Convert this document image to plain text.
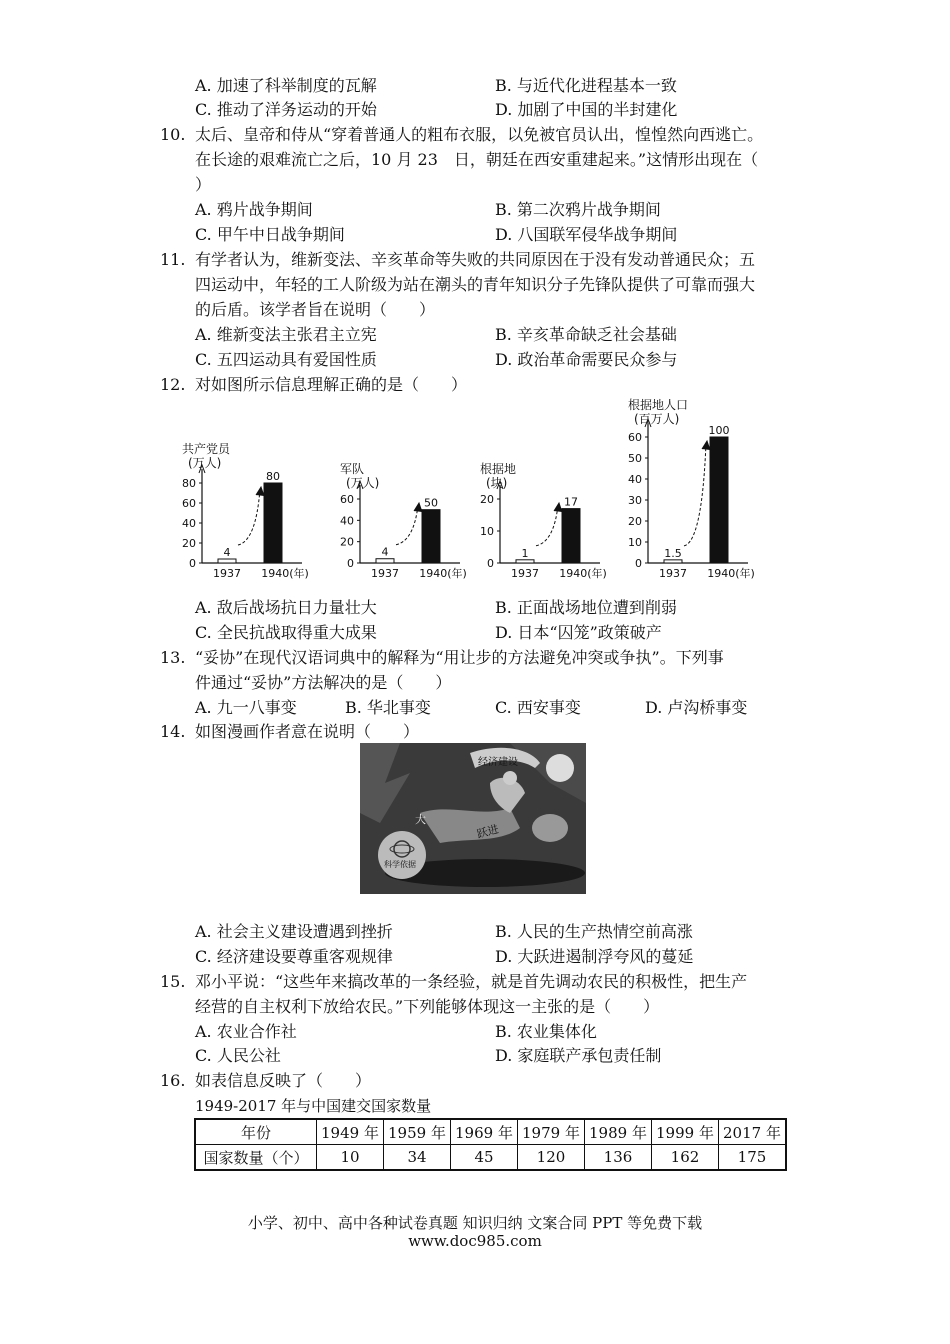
A. 加速了科举制度的瓦解	B. 与近代化进程基本一致
C. 推动了洋务运动的开始	D. 加剧了中国的半封建化
10. 太后、皇帝和侍从“穿着普通人的粗布衣服，以免被官员认出，惶惶然向西逃亡。
在长途的艰难流亡之后，10 月 23　日，朝廷在西安重建起来。”这情形出现在（
）
A. 鸦片战争期间	B. 第二次鸦片战争期间
C. 甲午中日战争期间	D. 八国联军侵华战争期间
11. 有学者认为，维新变法、辛亥革命等失败的共同原因在于没有发动普通民众；五
四运动中，年轻的工人阶级为站在潮头的青年知识分子先锋队提供了可靠而强大
的后盾。该学者旨在说明（　　）
A. 维新变法主张君主立宪	B. 辛亥革命缺乏社会基础
C. 五四运动具有爱国性质	D. 政治革命需要民众参与
12. 对如图所示信息理解正确的是（　　）
共产党员
(万人)
0
20
40
60
80
4
1937
80
1940(年)
军队
(万人)
0
20
40
60
4
1937
50
1940(年)
根据地
(块)
0
10
20
1
1937
17
1940(年)
根据地人口
(百万人)
0
10
20
30
40
50
60
1.5
1937
100
1940(年)
A. 敌后战场抗日力量壮大	B. 正面战场地位遭到削弱
C. 全民抗战取得重大成果	D. 日本“囚笼”政策破产
13. “妥协”在现代汉语词典中的解释为“用让步的方法避免冲突或争执”。下列事
件通过“妥协”方法解决的是（　　）
A. 九一八事变	B. 华北事变	C. 西安事变	D. 卢沟桥事变
14. 如图漫画作者意在说明（　　）
经济建设
大
跃进
科学依据
A. 社会主义建设遭遇到挫折	B. 人民的生产热情空前高涨
C. 经济建设要尊重客观规律	D. 大跃进遏制浮夸风的蔓延
15. 邓小平说：“这些年来搞改革的一条经验，就是首先调动农民的积极性，把生产
经营的自主权利下放给农民。”下列能够体现这一主张的是（　　）
A. 农业合作社	B. 农业集体化
C. 人民公社	D. 家庭联产承包责任制
16. 如表信息反映了（　　）
1949-2017 年与中国建交国家数量
年份	1949 年	1959 年	1969 年	1979 年	1989 年	1999 年	2017 年
国家数量（个）	10	34	45	120	136	162	175
小学、初中、高中各种试卷真题 知识归纳 文案合同 PPT 等免费下载
www.doc985.com
